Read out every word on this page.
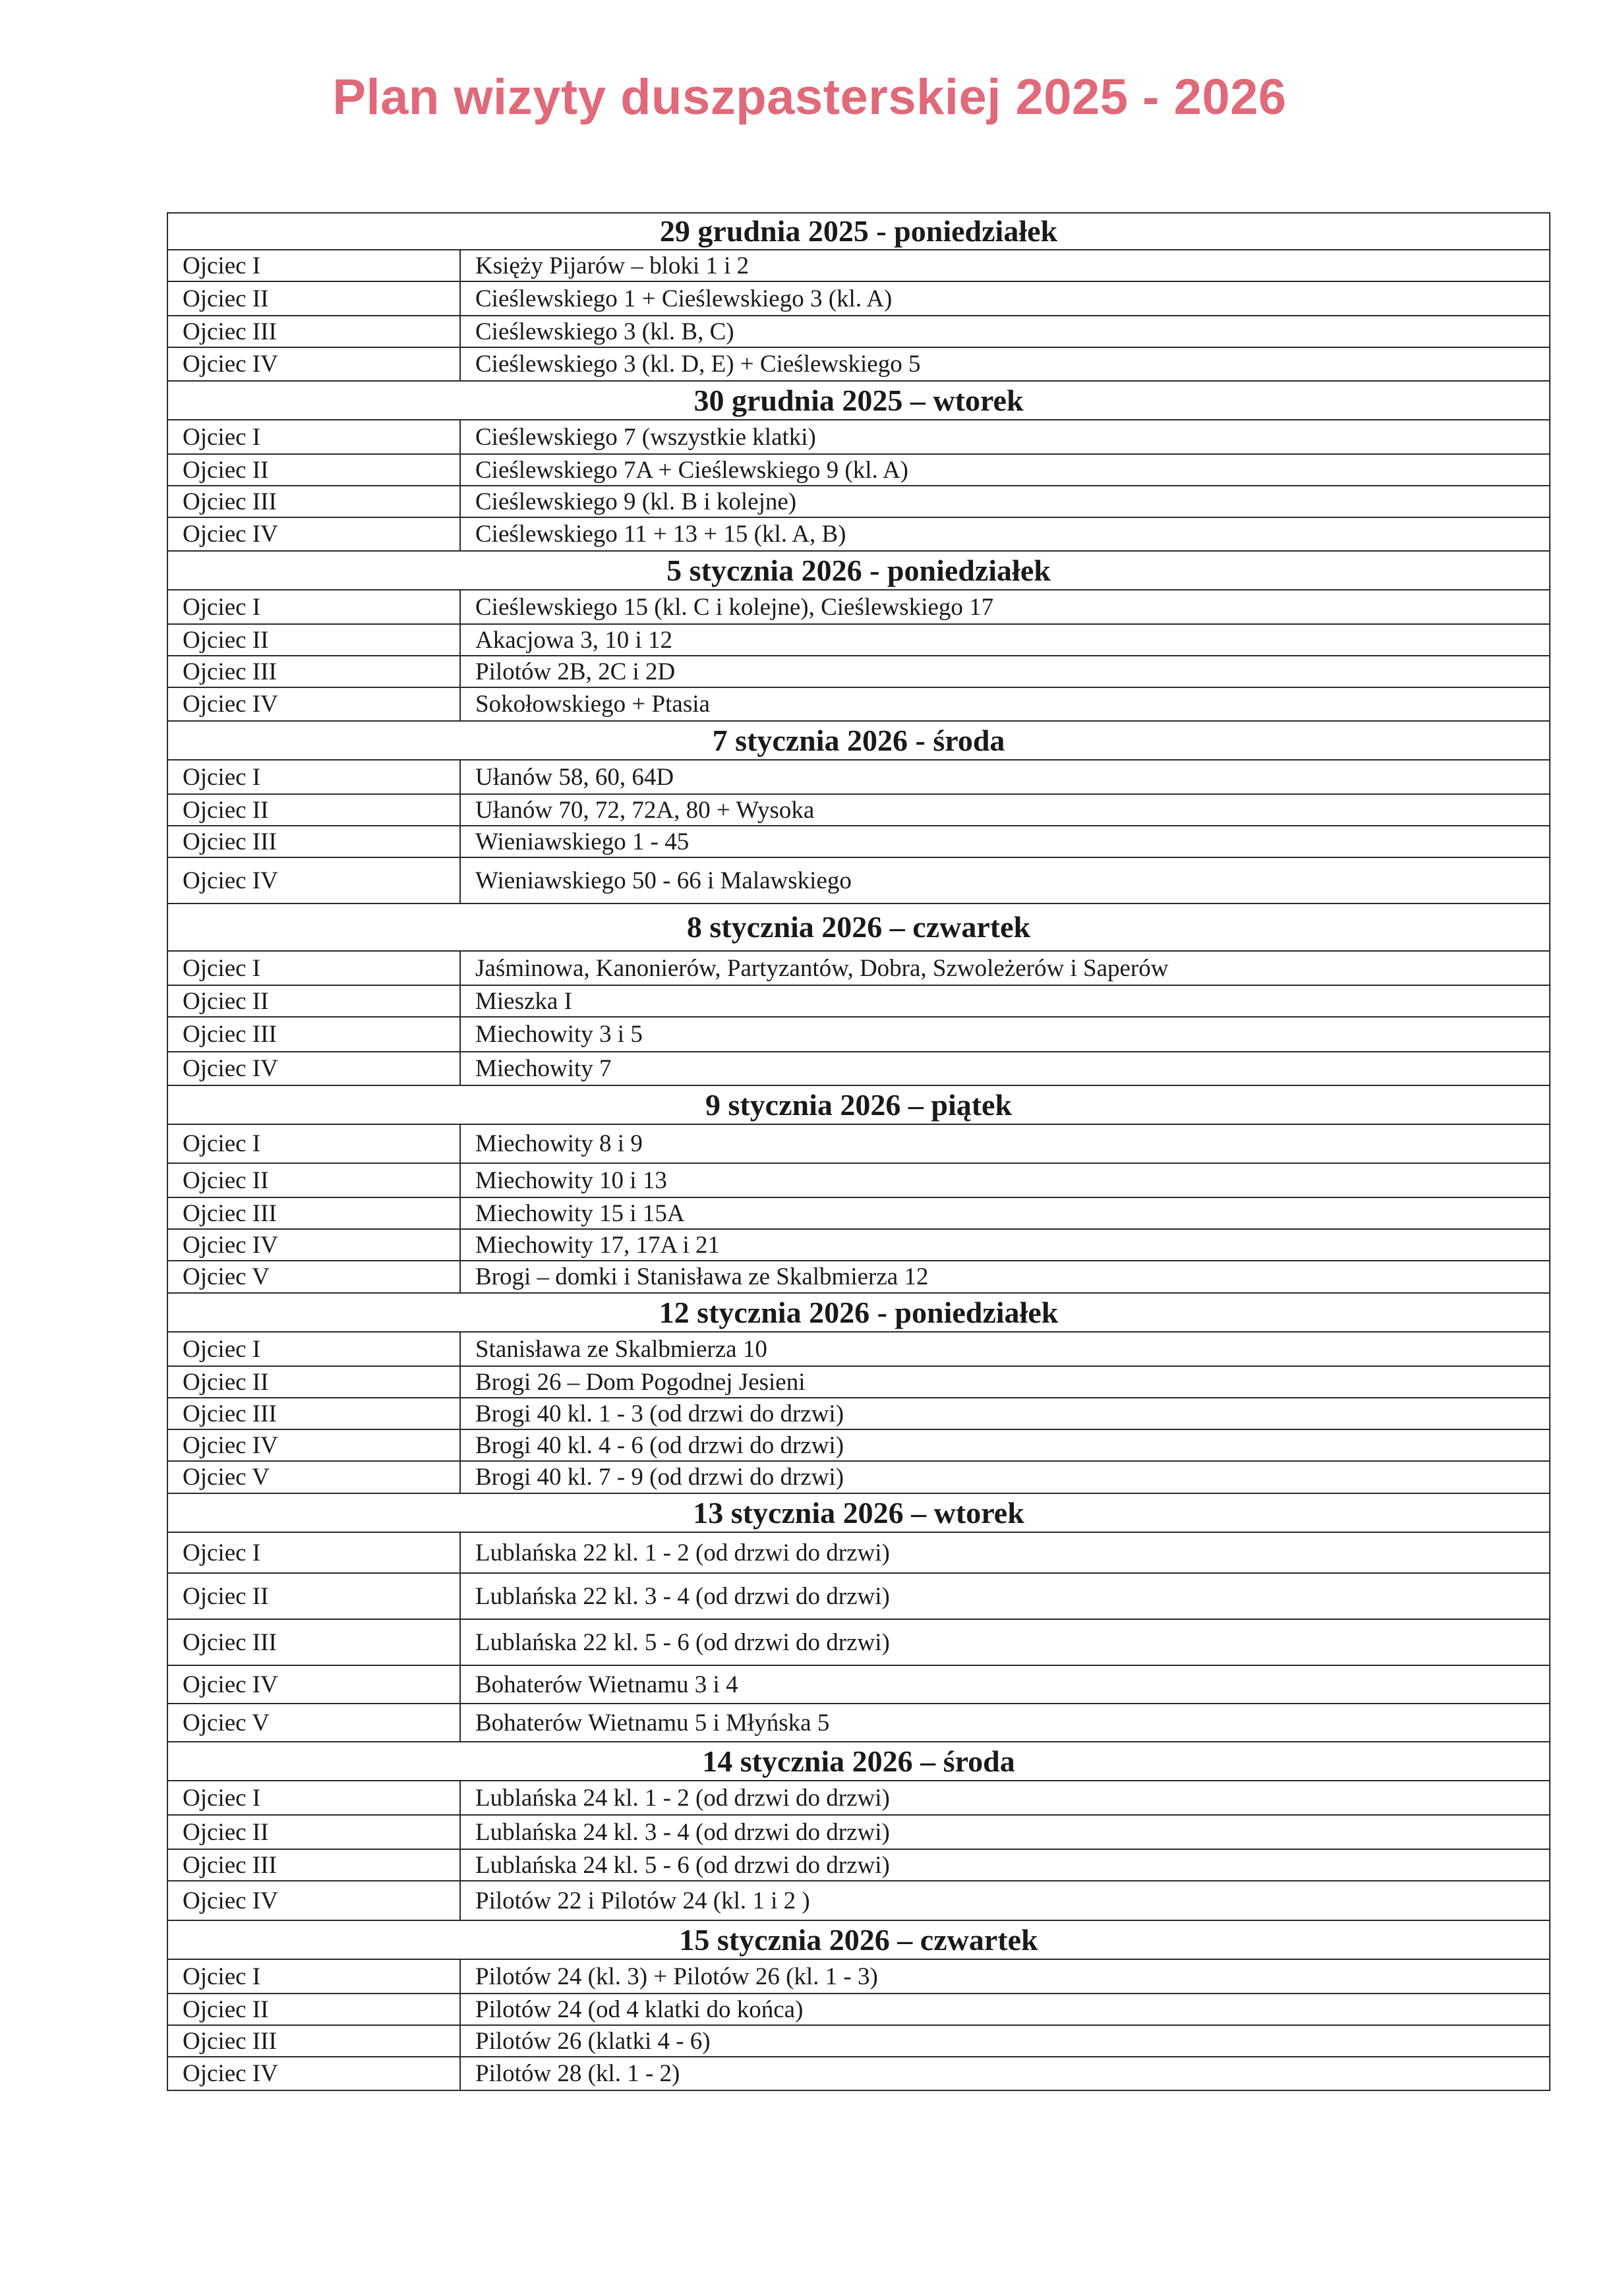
Plan wizyty duszpasterskiej 2025 - 2026
29 grudnia 2025 - poniedziałek	
Ojciec I	Księży Pijarów – bloki 1 i 2
Ojciec II	Cieślewskiego 1 + Cieślewskiego 3 (kl. A)
Ojciec III	Cieślewskiego 3 (kl. B, C)
Ojciec IV	Cieślewskiego 3 (kl. D, E) + Cieślewskiego 5
30 grudnia 2025 – wtorek	
Ojciec I	Cieślewskiego 7 (wszystkie klatki)
Ojciec II	Cieślewskiego 7A + Cieślewskiego 9 (kl. A)
Ojciec III	Cieślewskiego 9 (kl. B i kolejne)
Ojciec IV	Cieślewskiego 11 + 13 + 15 (kl. A, B)
5 stycznia 2026 - poniedziałek	
Ojciec I	Cieślewskiego 15 (kl. C i kolejne), Cieślewskiego 17
Ojciec II	Akacjowa 3, 10 i 12
Ojciec III	Pilotów 2B, 2C i 2D
Ojciec IV	Sokołowskiego + Ptasia
7 stycznia 2026 - środa	
Ojciec I	Ułanów 58, 60, 64D
Ojciec II	Ułanów 70, 72, 72A, 80 + Wysoka
Ojciec III	Wieniawskiego 1 - 45
Ojciec IV	Wieniawskiego 50 - 66 i Malawskiego
8 stycznia 2026 – czwartek	
Ojciec I	Jaśminowa, Kanonierów, Partyzantów, Dobra, Szwoleżerów i Saperów
Ojciec II	Mieszka I
Ojciec III	Miechowity 3 i 5
Ojciec IV	Miechowity 7
9 stycznia 2026 – piątek	
Ojciec I	Miechowity 8 i 9
Ojciec II	Miechowity 10 i 13
Ojciec III	Miechowity 15 i 15A
Ojciec IV	Miechowity 17, 17A i 21
Ojciec V	Brogi – domki i Stanisława ze Skalbmierza 12
12 stycznia 2026 - poniedziałek	
Ojciec I	Stanisława ze Skalbmierza 10
Ojciec II	Brogi 26 – Dom Pogodnej Jesieni
Ojciec III	Brogi 40 kl. 1 - 3 (od drzwi do drzwi)
Ojciec IV	Brogi 40 kl. 4 - 6 (od drzwi do drzwi)
Ojciec V	Brogi 40 kl. 7 - 9 (od drzwi do drzwi)
13 stycznia 2026 – wtorek	
Ojciec I	Lublańska 22 kl. 1 - 2 (od drzwi do drzwi)
Ojciec II	Lublańska 22 kl. 3 - 4 (od drzwi do drzwi)
Ojciec III	Lublańska 22 kl. 5 - 6 (od drzwi do drzwi)
Ojciec IV	Bohaterów Wietnamu 3 i 4
Ojciec V	Bohaterów Wietnamu 5 i Młyńska 5
14 stycznia 2026 – środa	
Ojciec I	Lublańska 24 kl. 1 - 2 (od drzwi do drzwi)
Ojciec II	Lublańska 24 kl. 3 - 4 (od drzwi do drzwi)
Ojciec III	Lublańska 24 kl. 5 - 6 (od drzwi do drzwi)
Ojciec IV	Pilotów 22 i Pilotów 24 (kl. 1 i 2 )
15 stycznia 2026 – czwartek	
Ojciec I	Pilotów 24 (kl. 3) + Pilotów 26 (kl. 1 - 3)
Ojciec II	Pilotów 24 (od 4 klatki do końca)
Ojciec III	Pilotów 26 (klatki 4 - 6)
Ojciec IV	Pilotów 28 (kl. 1 - 2)
